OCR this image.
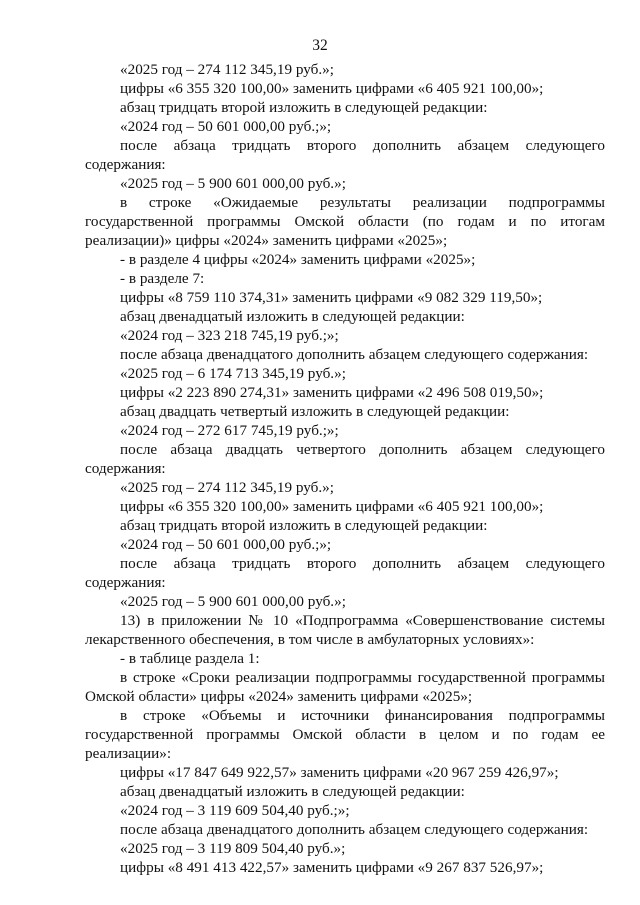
32

«2025 год – 274 112 345,19 руб.»;

цифры «6 355 320 100,00» заменить цифрами «6 405 921 100,00»;

абзац тридцать второй изложить в следующей редакции:

«2024 год – 50 601 000,00 руб.;»;

после абзаца тридцать второго дополнить абзацем следующего содержания:

«2025 год – 5 900 601 000,00 руб.»;

в строке «Ожидаемые результаты реализации подпрограммы государственной программы Омской области (по годам и по итогам реализации)» цифры «2024» заменить цифрами «2025»;

- в разделе 4 цифры «2024» заменить цифрами «2025»;

- в разделе 7:

цифры «8 759 110 374,31» заменить цифрами «9 082 329 119,50»;

абзац двенадцатый изложить в следующей редакции:

«2024 год – 323 218 745,19 руб.;»;

после абзаца двенадцатого дополнить абзацем следующего содержания:

«2025 год – 6 174 713 345,19 руб.»;

цифры «2 223 890 274,31» заменить цифрами «2 496 508 019,50»;

абзац двадцать четвертый изложить в следующей редакции:

«2024 год – 272 617 745,19 руб.;»;

после абзаца двадцать четвертого дополнить абзацем следующего содержания:

«2025 год – 274 112 345,19 руб.»;

цифры «6 355 320 100,00» заменить цифрами «6 405 921 100,00»;

абзац тридцать второй изложить в следующей редакции:

«2024 год – 50 601 000,00 руб.;»;

после абзаца тридцать второго дополнить абзацем следующего содержания:

«2025 год – 5 900 601 000,00 руб.»;

13) в приложении № 10 «Подпрограмма «Совершенствование системы лекарственного обеспечения, в том числе в амбулаторных условиях»:

- в таблице раздела 1:

в строке «Сроки реализации подпрограммы государственной программы Омской области» цифры «2024» заменить цифрами «2025»;

в строке «Объемы и источники финансирования подпрограммы государственной программы Омской области в целом и по годам ее реализации»:

цифры «17 847 649 922,57» заменить цифрами «20 967 259 426,97»;

абзац двенадцатый изложить в следующей редакции:

«2024 год – 3 119 609 504,40 руб.;»;

после абзаца двенадцатого дополнить абзацем следующего содержания:

«2025 год – 3 119 809 504,40 руб.»;

цифры «8 491 413 422,57» заменить цифрами «9 267 837 526,97»;
